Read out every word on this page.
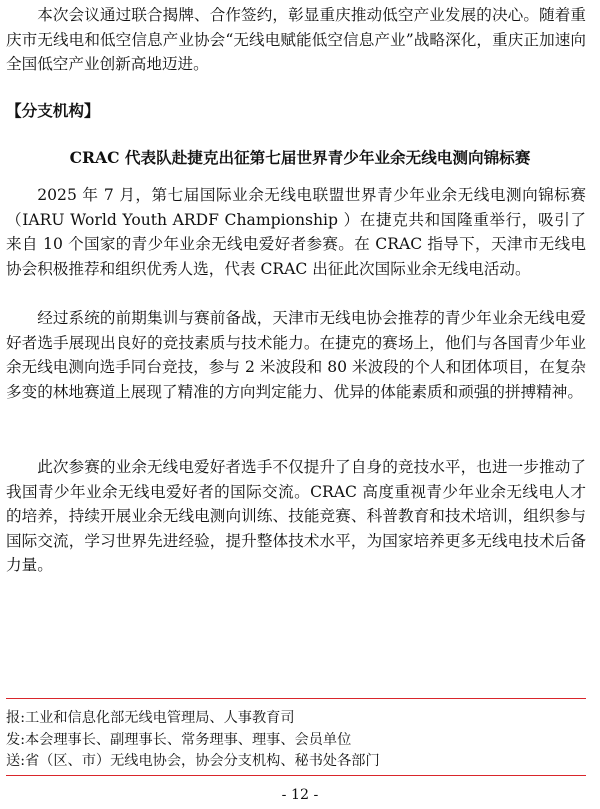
本次会议通过联合揭牌、合作签约，彰显重庆推动低空产业发展的决心。随着重庆市无线电和低空信息产业协会“无线电赋能低空信息产业”战略深化，重庆正加速向全国低空产业创新高地迈进。

【分支机构】
CRAC 代表队赴捷克出征第七届世界青少年业余无线电测向锦标赛

2025 年 7 月，第七届国际业余无线电联盟世界青少年业余无线电测向锦标赛（IARU World Youth ARDF Championship ）在捷克共和国隆重举行，吸引了来自 10 个国家的青少年业余无线电爱好者参赛。在 CRAC 指导下，天津市无线电协会积极推荐和组织优秀人选，代表 CRAC 出征此次国际业余无线电活动。

经过系统的前期集训与赛前备战，天津市无线电协会推荐的青少年业余无线电爱好者选手展现出良好的竞技素质与技术能力。在捷克的赛场上，他们与各国青少年业余无线电测向选手同台竞技，参与 2 米波段和 80 米波段的个人和团体项目，在复杂多变的林地赛道上展现了精准的方向判定能力、优异的体能素质和顽强的拼搏精神。

此次参赛的业余无线电爱好者选手不仅提升了自身的竞技水平，也进一步推动了我国青少年业余无线电爱好者的国际交流。CRAC 高度重视青少年业余无线电人才的培养，持续开展业余无线电测向训练、技能竞赛、科普教育和技术培训，组织参与国际交流，学习世界先进经验，提升整体技术水平，为国家培养更多无线电技术后备力量。

报: 工业和信息化部无线电管理局、人事教育司
发: 本会理事长、副理事长、常务理事、理事、会员单位
送: 省（区、市）无线电协会，协会分支机构、秘书处各部门
- 12 -
